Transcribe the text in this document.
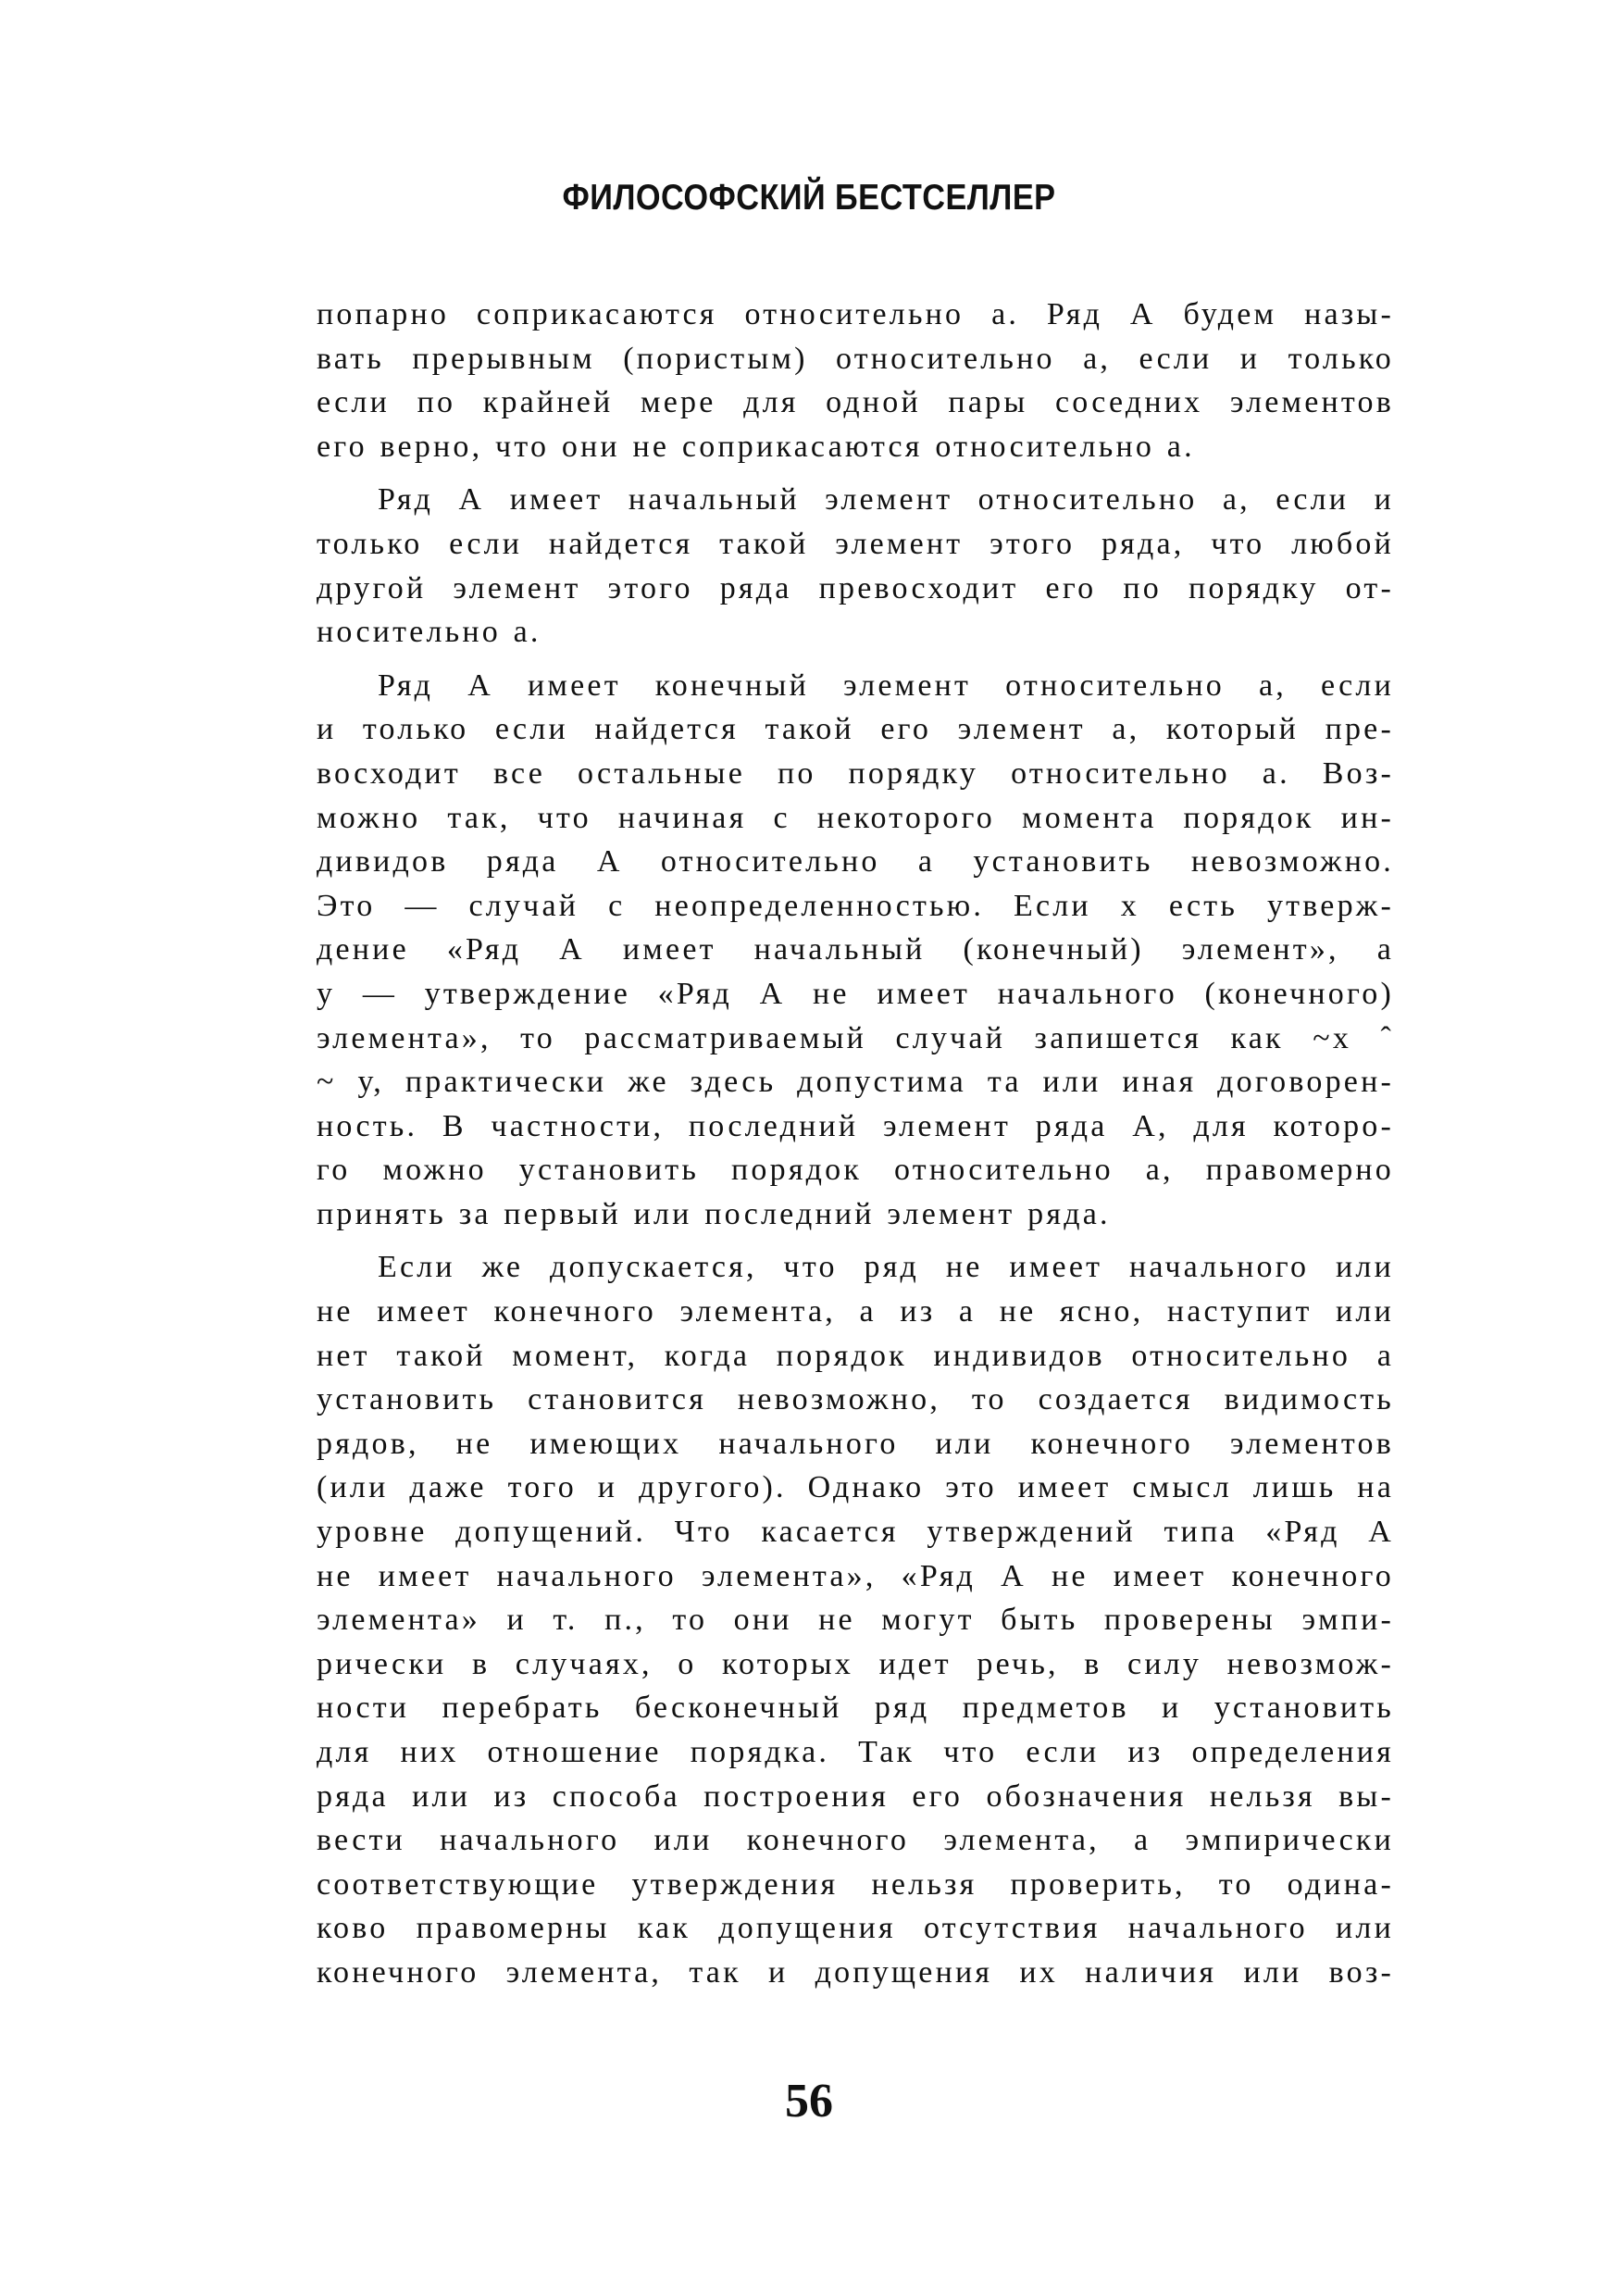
ФИЛОСОФСКИЙ БЕСТСЕЛЛЕР
попарно соприкасаются относительно а. Ряд А будем назы-
вать прерывным (пористым) относительно а, если и только
если по крайней мере для одной пары соседних элементов
его верно, что они не соприкасаются относительно а.
Ряд А имеет начальный элемент относительно а, если и
только если найдется такой элемент этого ряда, что любой
другой элемент этого ряда превосходит его по порядку от-
носительно а.
Ряд А имеет конечный элемент относительно а, если
и только если найдется такой его элемент а, который пре-
восходит все остальные по порядку относительно а. Воз-
можно так, что начиная с некоторого момента порядок ин-
дивидов ряда А относительно а установить невозможно.
Это — случай с неопределенностью. Если х есть утверж-
дение «Ряд А имеет начальный (конечный) элемент», а
у — утверждение «Ряд А не имеет начального (конечного)
элемента», то рассматриваемый случай запишется как ~х ˆ
~ у, практически же здесь допустима та или иная договорен-
ность. В частности, последний элемент ряда А, для которо-
го можно установить порядок относительно а, правомерно
принять за первый или последний элемент ряда.
Если же допускается, что ряд не имеет начального или
не имеет конечного элемента, а из а не ясно, наступит или
нет такой момент, когда порядок индивидов относительно а
установить становится невозможно, то создается видимость
рядов, не имеющих начального или конечного элементов
(или даже того и другого). Однако это имеет смысл лишь на
уровне допущений. Что касается утверждений типа «Ряд А
не имеет начального элемента», «Ряд А не имеет конечного
элемента» и т. п., то они не могут быть проверены эмпи-
рически в случаях, о которых идет речь, в силу невозмож-
ности перебрать бесконечный ряд предметов и установить
для них отношение порядка. Так что если из определения
ряда или из способа построения его обозначения нельзя вы-
вести начального или конечного элемента, а эмпирически
соответствующие утверждения нельзя проверить, то одина-
ково правомерны как допущения отсутствия начального или
конечного элемента, так и допущения их наличия или воз-
56
